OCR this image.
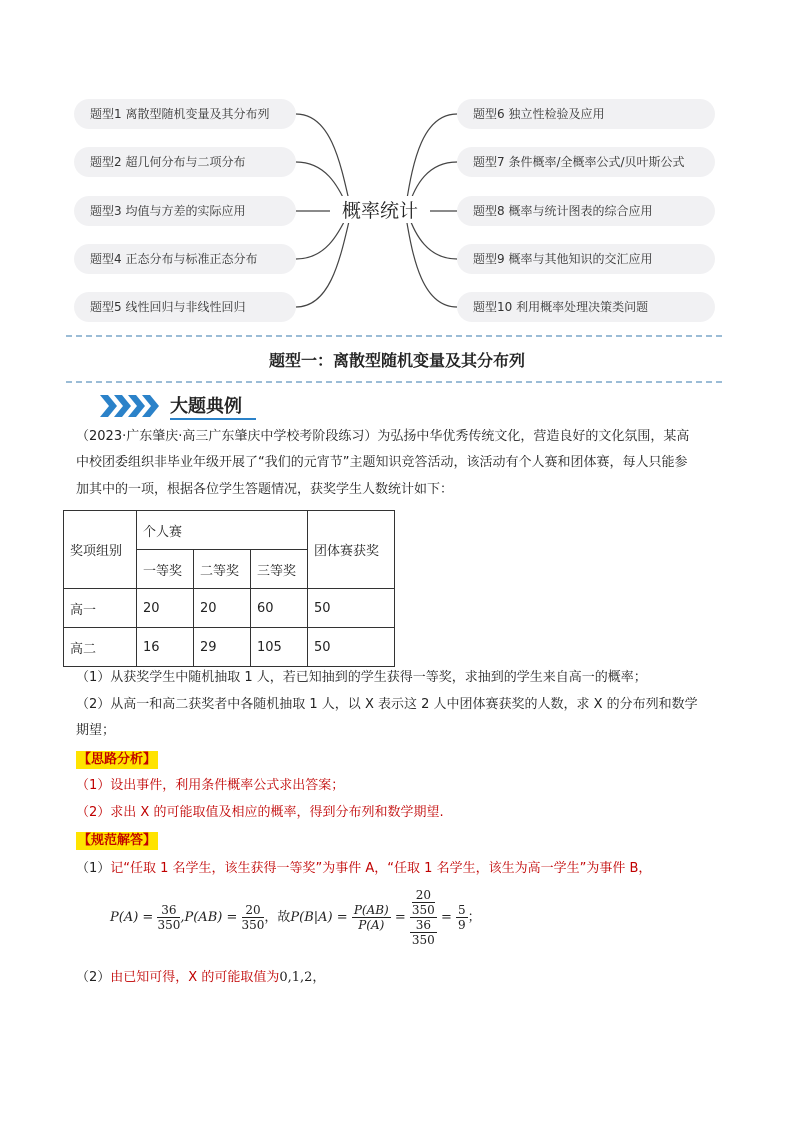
题型1 离散型随机变量及其分布列
题型2 超几何分布与二项分布
题型3 均值与方差的实际应用
题型4 正态分布与标准正态分布
题型5 线性回归与非线性回归
题型6 独立性检验及应用
题型7 条件概率/全概率公式/贝叶斯公式
题型8 概率与统计图表的综合应用
题型9 概率与其他知识的交汇应用
题型10 利用概率处理决策类问题
概率统计
题型一：离散型随机变量及其分布列
大题典例
（2023·广东肇庆·高三广东肇庆中学校考阶段练习）为弘扬中华优秀传统文化，营造良好的文化氛围，某高
中校团委组织非毕业年级开展了“我们的元宵节”主题知识竞答活动，该活动有个人赛和团体赛，每人只能参
加其中的一项，根据各位学生答题情况，获奖学生人数统计如下：
奖项组别	个人赛			团体赛获奖
	一等奖	二等奖	三等奖	
高一	20	20	60	50
高二	16	29	105	50
（1）从获奖学生中随机抽取 1 人，若已知抽到的学生获得一等奖，求抽到的学生来自高一的概率；
（2）从高一和高二获奖者中各随机抽取 1 人，以 X 表示这 2 人中团体赛获奖的人数，求 X 的分布列和数学
期望；
【思路分析】
（1）设出事件，利用条件概率公式求出答案；
（2）求出 X 的可能取值及相应的概率，得到分布列和数学期望.
【规范解答】
（1）记“任取 1 名学生，该生获得一等奖”为事件 A，“任取 1 名学生，该生为高一学生”为事件 B，
$P(A) = \frac{36}{350} ,P(AB) = \frac{20}{350}$ ，故$P(B|A) = \frac{P(AB)}{P(A)} = 20$
350
36
$350 = \frac{5}{9}$ ；
（2）由已知可得，X 的可能取值为0,1,2，
